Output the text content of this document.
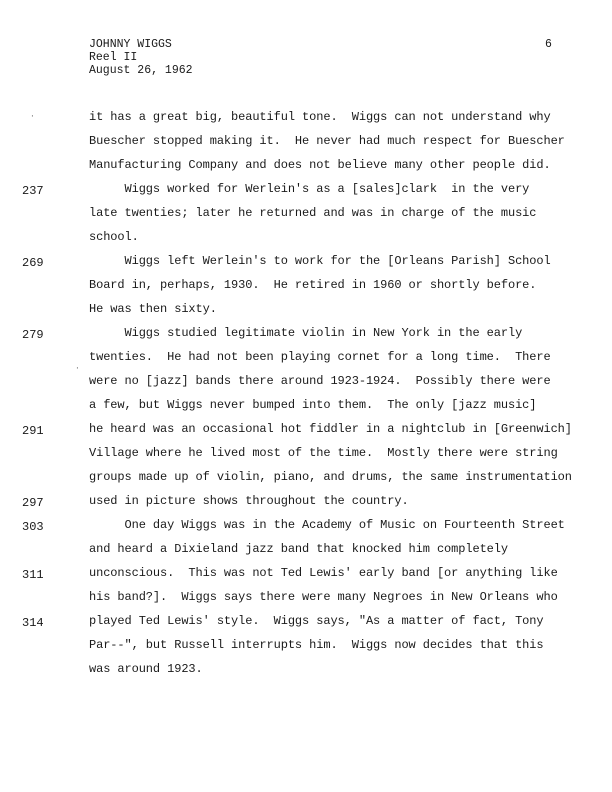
JOHNNY WIGGS
Reel II
August 26, 1962
6
·
·
it has a great big, beautiful tone.  Wiggs can not understand why
Buescher stopped making it.  He never had much respect for Buescher
Manufacturing Company and does not believe many other people did.
Wiggs worked for Werlein's as a [sales]clark  in the very
late twenties; later he returned and was in charge of the music
school.
Wiggs left Werlein's to work for the [Orleans Parish] School
Board in, perhaps, 1930.  He retired in 1960 or shortly before.
He was then sixty.
Wiggs studied legitimate violin in New York in the early
twenties.  He had not been playing cornet for a long time.  There
were no [jazz] bands there around 1923-1924.  Possibly there were
a few, but Wiggs never bumped into them.  The only [jazz music]
he heard was an occasional hot fiddler in a nightclub in [Greenwich]
Village where he lived most of the time.  Mostly there were string
groups made up of violin, piano, and drums, the same instrumentation
used in picture shows throughout the country.
One day Wiggs was in the Academy of Music on Fourteenth Street
and heard a Dixieland jazz band that knocked him completely
unconscious.  This was not Ted Lewis' early band [or anything like
his band?].  Wiggs says there were many Negroes in New Orleans who
played Ted Lewis' style.  Wiggs says, "As a matter of fact, Tony
Par--", but Russell interrupts him.  Wiggs now decides that this
was around 1923.
237
269
279
291
297
303
311
314
